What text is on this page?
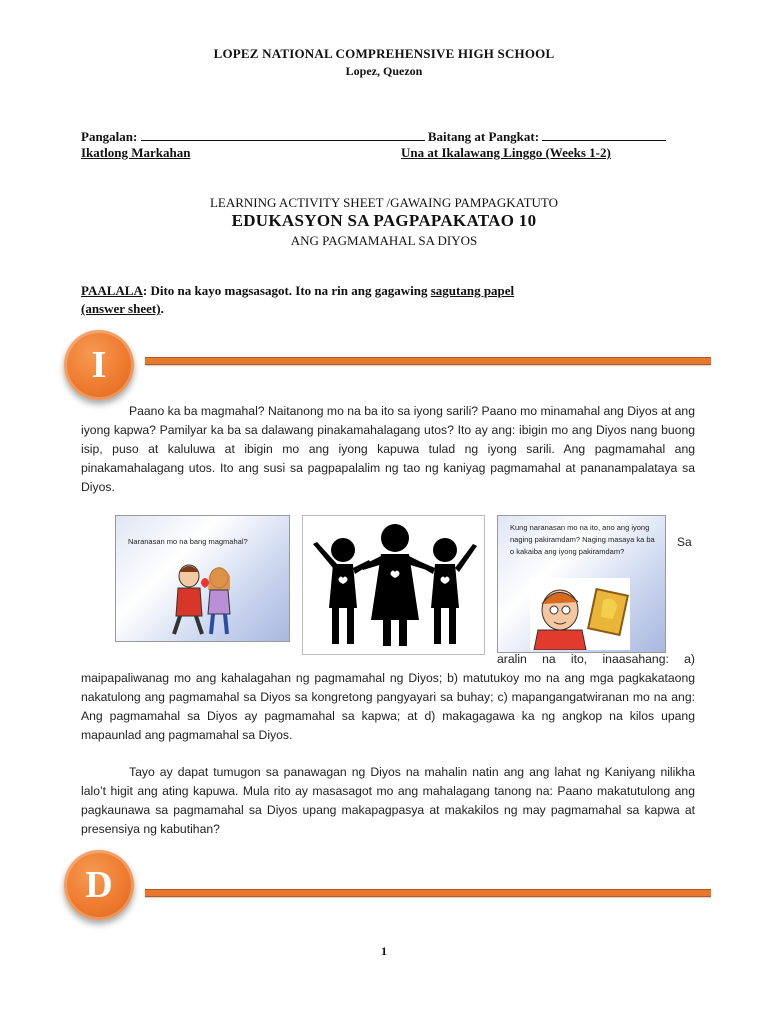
LOPEZ NATIONAL COMPREHENSIVE HIGH SCHOOL
Lopez, Quezon
Pangalan:	Baitang at Pangkat:
Ikatlong Markahan	Una at Ikalawang Linggo (Weeks 1-2)
LEARNING ACTIVITY SHEET /GAWAING PAMPAGKATUTO
EDUKASYON SA PAGPAPAKATAO 10
ANG PAGMAMAHAL SA DIYOS
PAALALA: Dito na kayo magsasagot. Ito na rin ang gagawing sagutang papel
(answer sheet).
I
Paano ka ba magmahal? Naitanong mo na ba ito sa iyong sarili? Paano mo minamahal ang Diyos at ang iyong kapwa? Pamilyar ka ba sa dalawang pinakamahalagang utos? Ito ay ang: ibigin mo ang Diyos nang buong isip, puso at kaluluwa at ibigin mo ang iyong kapuwa tulad ng iyong sarili. Ang pagmamahal ang pinakamahalagang utos. Ito ang susi sa pagpapalalim ng tao ng kaniyag pagmamahal at pananampalataya sa Diyos.
Naranasan mo na bang magmahal?
Kung naranasan mo na ito, ano ang iyong
naging pakiramdam? Naging masaya ka ba
o kakaiba ang iyong pakiramdam?
Sa
aralin na ito, inaasahang: a)
maipapaliwanag mo ang kahalagahan ng pagmamahal ng Diyos; b) matutukoy mo na ang mga pagkakataong nakatulong ang pagmamahal sa Diyos sa kongretong pangyayari sa buhay; c) mapangangatwiranan mo na ang: Ang pagmamahal sa Diyos ay pagmamahal sa kapwa; at d) makagagawa ka ng angkop na kilos upang mapaunlad ang pagmamahal sa Diyos.
Tayo ay dapat tumugon sa panawagan ng Diyos na mahalin natin ang ang lahat ng Kaniyang nilikha lalo’t higit ang ating kapuwa. Mula rito ay masasagot mo ang mahalagang tanong na: Paano makatutulong ang pagkaunawa sa pagmamahal sa Diyos upang makapagpasya at makakilos ng may pagmamahal sa kapwa at presensiya ng kabutihan?
D
1
